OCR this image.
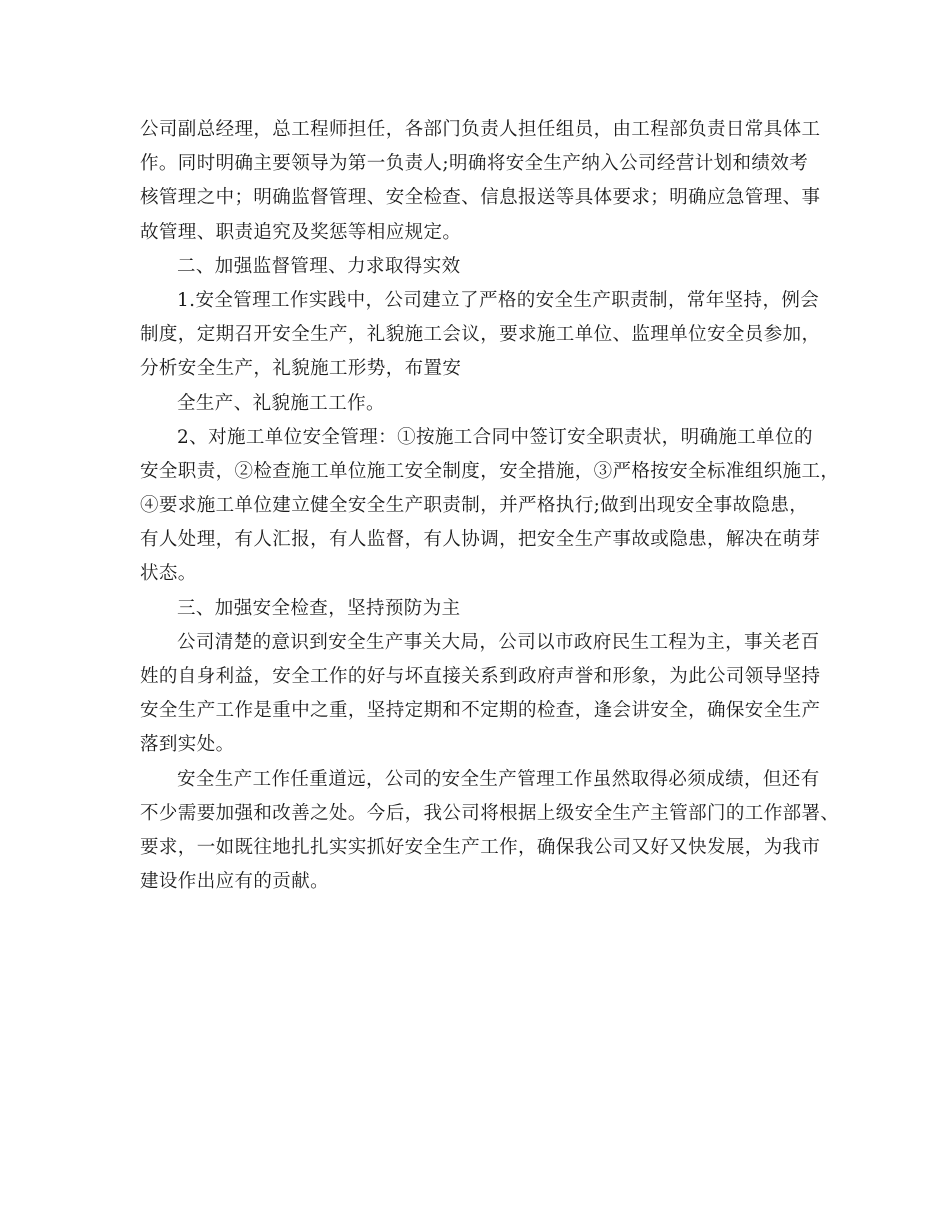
公司副总经理，总工程师担任，各部门负责人担任组员，由工程部负责日常具体工
作。同时明确主要领导为第一负责人;明确将安全生产纳入公司经营计划和绩效考
核管理之中；明确监督管理、安全检查、信息报送等具体要求；明确应急管理、事
故管理、职责追究及奖惩等相应规定。
二、加强监督管理、力求取得实效
1.安全管理工作实践中，公司建立了严格的安全生产职责制，常年坚持，例会
制度，定期召开安全生产，礼貌施工会议，要求施工单位、监理单位安全员参加，
分析安全生产，礼貌施工形势，布置安
全生产、礼貌施工工作。
2、对施工单位安全管理：①按施工合同中签订安全职责状，明确施工单位的
安全职责，②检查施工单位施工安全制度，安全措施，③严格按安全标准组织施工，
④要求施工单位建立健全安全生产职责制，并严格执行;做到出现安全事故隐患，
有人处理，有人汇报，有人监督，有人协调，把安全生产事故或隐患，解决在萌芽
状态。
三、加强安全检查，坚持预防为主
公司清楚的意识到安全生产事关大局，公司以市政府民生工程为主，事关老百
姓的自身利益，安全工作的好与坏直接关系到政府声誉和形象，为此公司领导坚持
安全生产工作是重中之重，坚持定期和不定期的检查，逢会讲安全，确保安全生产
落到实处。
安全生产工作任重道远，公司的安全生产管理工作虽然取得必须成绩，但还有
不少需要加强和改善之处。今后，我公司将根据上级安全生产主管部门的工作部署、
要求，一如既往地扎扎实实抓好安全生产工作，确保我公司又好又快发展，为我市
建设作出应有的贡献。
